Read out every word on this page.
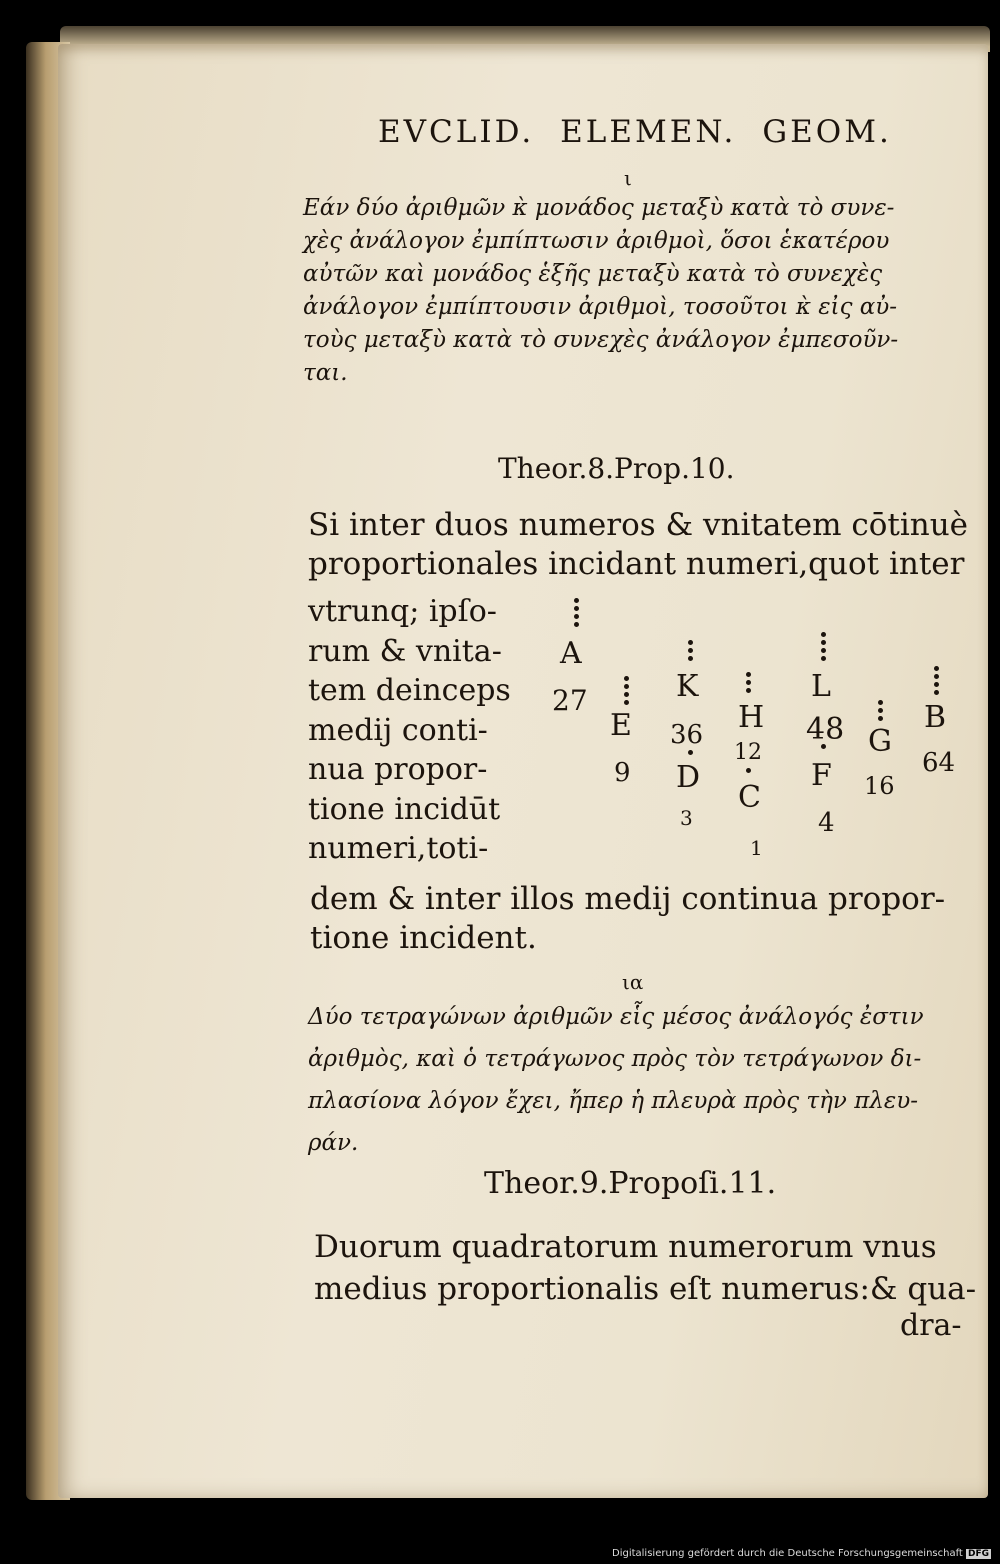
EVCLID. ELEMEN. GEOM.
ι
Εάν δύο ἀριθμῶν κ̀ μονάδος μεταξὺ κατὰ τὸ συνε-
χὲς ἀνάλογον ἐμπίπτωσιν ἀριθμοὶ, ὅσοι ἑκατέρου
αὐτῶν καὶ μονάδος ἑξῆς μεταξὺ κατὰ τὸ συνεχὲς
ἀνάλογον ἐμπίπτουσιν ἀριθμοὶ, τοσοῦτοι κ̀ εἰς αὐ-
τοὺς μεταξὺ κατὰ τὸ συνεχὲς ἀνάλογον ἐμπεσοῦν-
ται.
Theor.8.Prop.10.
Si inter duos numeros & vnitatem cōtinuè
proportionales incidant numeri,quot inter
vtrunq; ipſo-
rum & vnita-
tem deinceps
medij conti-
nua propor-
tione incidūt
numeri,toti-
A
K	L
E	H
G
B
D	F
C
27
36	48
9
12
16
64
3	4
1
dem & inter illos medij continua propor-
tione incident.
ια
Δύο τετραγώνων ἀριθμῶν εἷς μέσος ἀνάλογός ἐστιν
ἀριθμὸς, καὶ ὁ τετράγωνος πρὸς τὸν τετράγωνον δι-
πλασίονα λόγον ἔχει, ἤπερ ἡ πλευρὰ πρὸς τὴν πλευ-
ράν.
Theor.9.Propoſi.11.
Duorum quadratorum numerorum vnus
medius proportionalis eſt numerus:& qua-
dra-
Digitalisierung gefördert durch die Deutsche Forschungsgemeinschaft DFG
